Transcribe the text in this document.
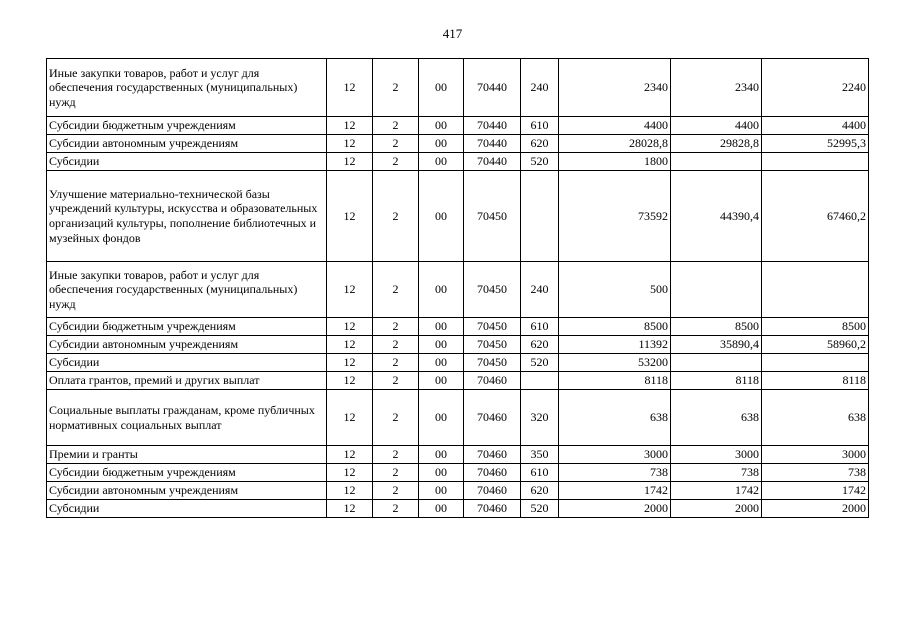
417
Иные закупки товаров, работ и услуг для обеспечения государственных (муниципальных) нужд	12	2	00	70440	240	2340	2340	2240
Субсидии бюджетным учреждениям	12	2	00	70440	610	4400	4400	4400
Субсидии автономным учреждениям	12	2	00	70440	620	28028,8	29828,8	52995,3
Субсидии	12	2	00	70440	520	1800		
Улучшение материально-технической базы учреждений культуры, искусства и образовательных организаций культуры, пополнение библиотечных и музейных фондов	12	2	00	70450		73592	44390,4	67460,2
Иные закупки товаров, работ и услуг для обеспечения государственных (муниципальных) нужд	12	2	00	70450	240	500		
Субсидии бюджетным учреждениям	12	2	00	70450	610	8500	8500	8500
Субсидии автономным учреждениям	12	2	00	70450	620	11392	35890,4	58960,2
Субсидии	12	2	00	70450	520	53200		
Оплата грантов, премий и других выплат	12	2	00	70460		8118	8118	8118
Социальные выплаты гражданам, кроме публичных нормативных социальных выплат	12	2	00	70460	320	638	638	638
Премии и гранты	12	2	00	70460	350	3000	3000	3000
Субсидии бюджетным учреждениям	12	2	00	70460	610	738	738	738
Субсидии автономным учреждениям	12	2	00	70460	620	1742	1742	1742
Субсидии	12	2	00	70460	520	2000	2000	2000
